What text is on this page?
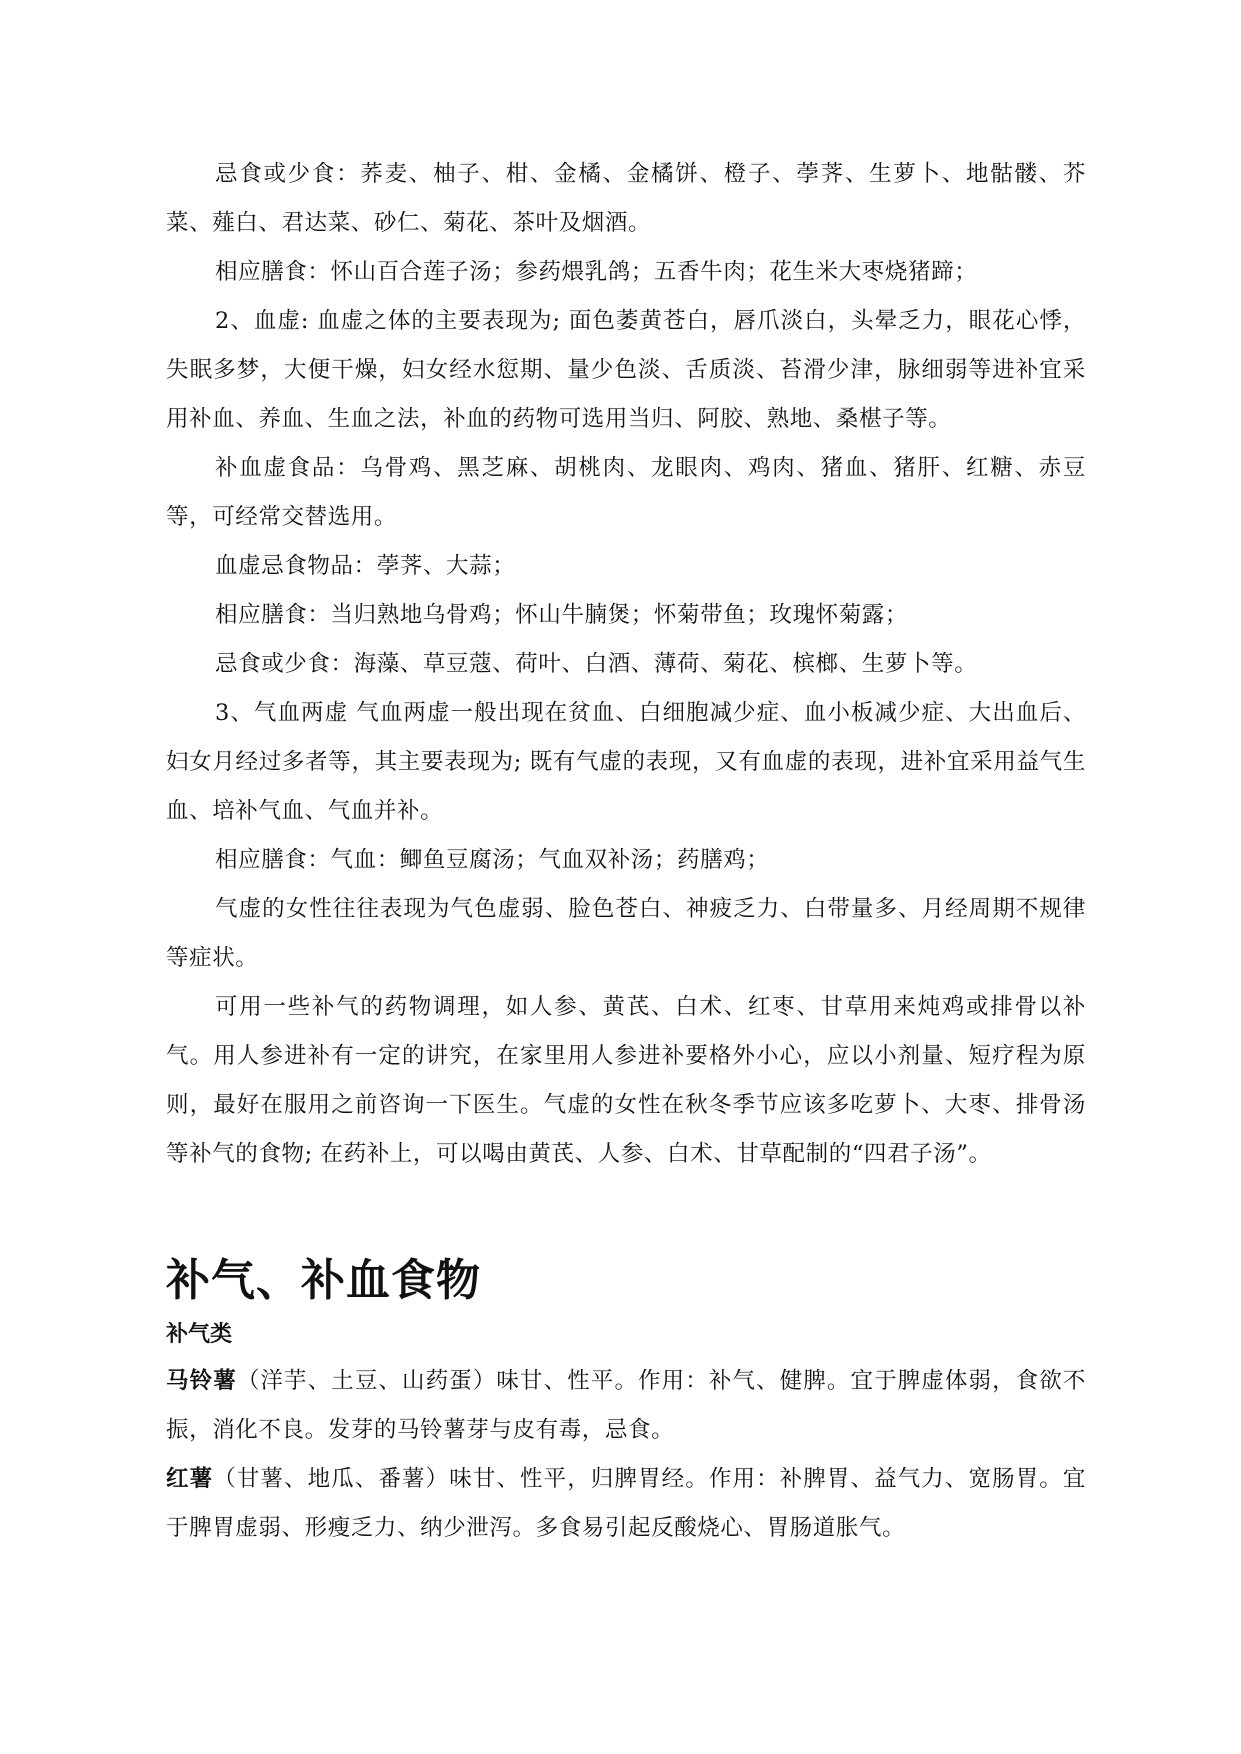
忌食或少食：荞麦、柚子、柑、金橘、金橘饼、橙子、荸荠、生萝卜、地骷髅、芥菜、薤白、君达菜、砂仁、菊花、茶叶及烟酒。

相应膳食：怀山百合莲子汤；参药煨乳鸽；五香牛肉；花生米大枣烧猪蹄；

2、血虚: 血虚之体的主要表现为; 面色萎黄苍白，唇爪淡白，头晕乏力，眼花心悸，失眠多梦，大便干燥，妇女经水愆期、量少色淡、舌质淡、苔滑少津，脉细弱等进补宜采用补血、养血、生血之法，补血的药物可选用当归、阿胶、熟地、桑椹子等。

补血虚食品：乌骨鸡、黑芝麻、胡桃肉、龙眼肉、鸡肉、猪血、猪肝、红糖、赤豆等，可经常交替选用。

血虚忌食物品：荸荠、大蒜；

相应膳食：当归熟地乌骨鸡；怀山牛腩煲；怀菊带鱼；玫瑰怀菊露；

忌食或少食：海藻、草豆蔻、荷叶、白酒、薄荷、菊花、槟榔、生萝卜等。

3、气血两虚 气血两虚一般出现在贫血、白细胞减少症、血小板减少症、大出血后、妇女月经过多者等，其主要表现为; 既有气虚的表现，又有血虚的表现，进补宜采用益气生血、培补气血、气血并补。

相应膳食：气血：鲫鱼豆腐汤；气血双补汤；药膳鸡；

气虚的女性往往表现为气色虚弱、脸色苍白、神疲乏力、白带量多、月经周期不规律等症状。

可用一些补气的药物调理，如人参、黄芪、白术、红枣、甘草用来炖鸡或排骨以补气。用人参进补有一定的讲究，在家里用人参进补要格外小心，应以小剂量、短疗程为原则，最好在服用之前咨询一下医生。气虚的女性在秋冬季节应该多吃萝卜、大枣、排骨汤等补气的食物; 在药补上，可以喝由黄芪、人参、白术、甘草配制的“四君子汤”。

补气、补血食物
补气类

马铃薯（洋芋、土豆、山药蛋）味甘、性平。作用：补气、健脾。宜于脾虚体弱，食欲不振，消化不良。发芽的马铃薯芽与皮有毒，忌食。

红薯（甘薯、地瓜、番薯）味甘、性平，归脾胃经。作用：补脾胃、益气力、宽肠胃。宜于脾胃虚弱、形瘦乏力、纳少泄泻。多食易引起反酸烧心、胃肠道胀气。
